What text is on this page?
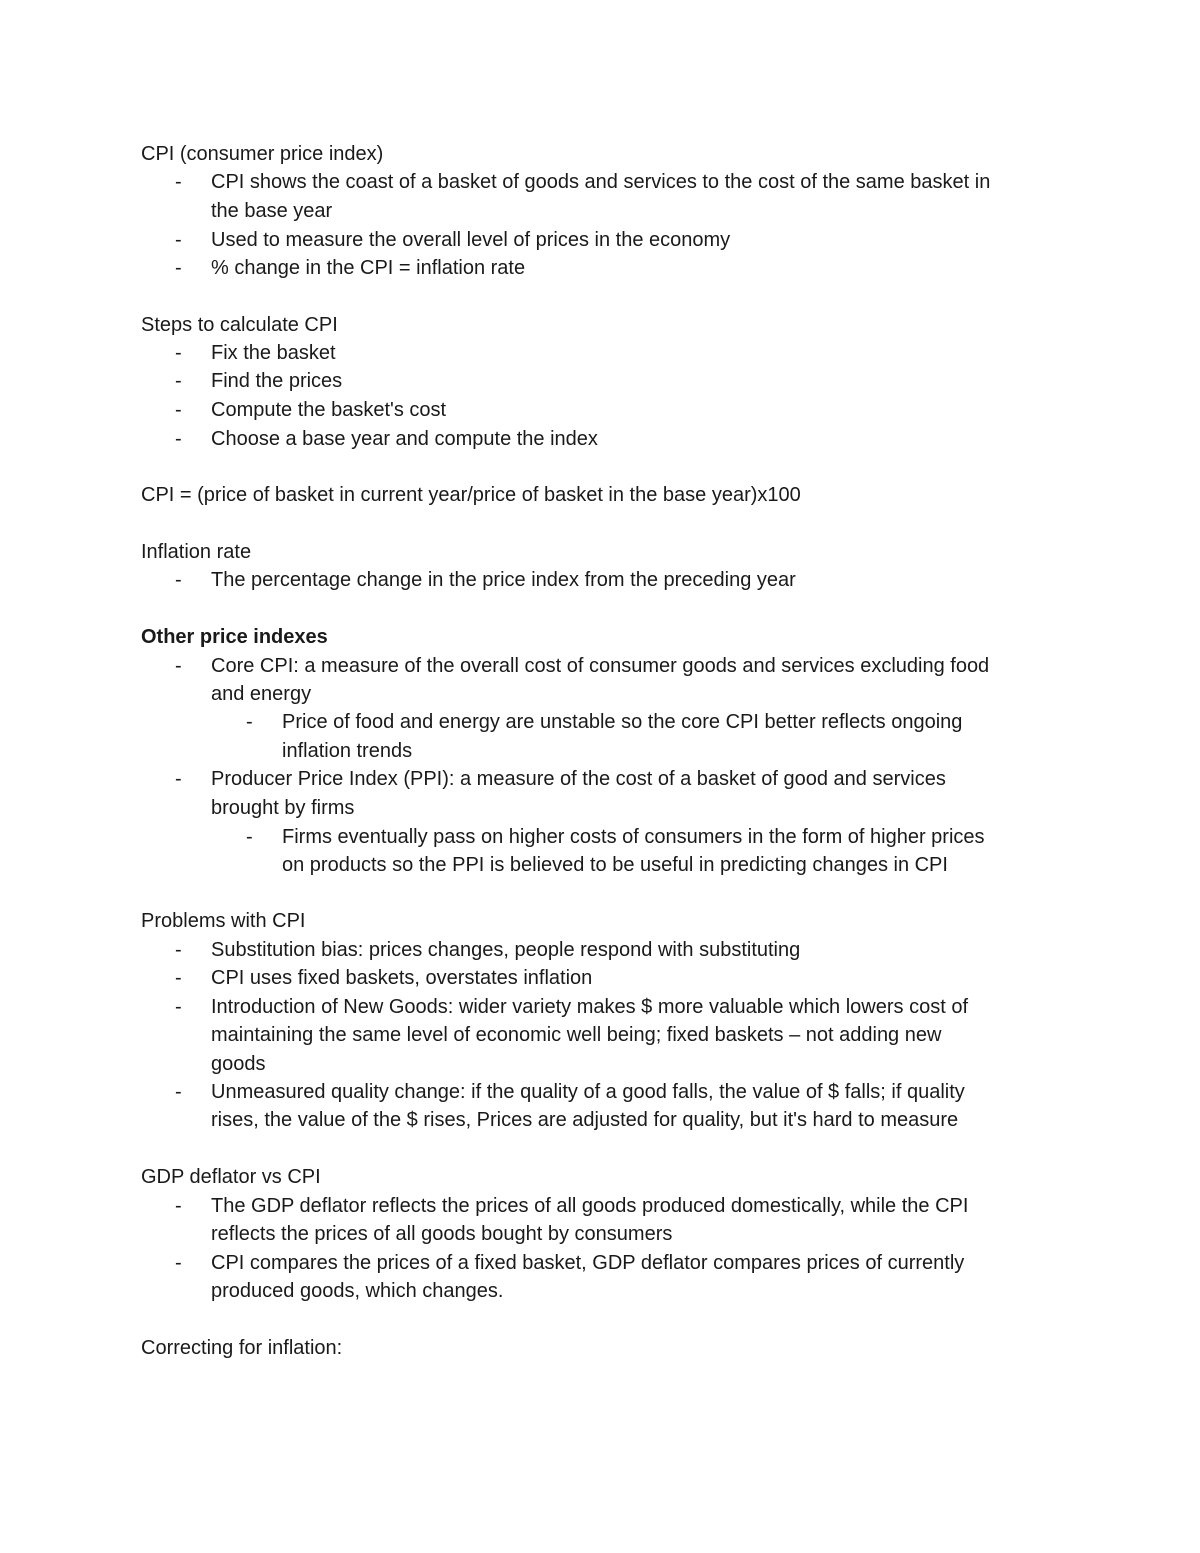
CPI (consumer price index)
- CPI shows the coast of a basket of goods and services to the cost of the same basket in
the base year
- Used to measure the overall level of prices in the economy
- % change in the CPI = inflation rate
Steps to calculate CPI
- Fix the basket
- Find the prices
- Compute the basket's cost
- Choose a base year and compute the index
CPI = (price of basket in current year/price of basket in the base year)x100
Inflation rate
- The percentage change in the price index from the preceding year
Other price indexes
- Core CPI: a measure of the overall cost of consumer goods and services excluding food
and energy
- Price of food and energy are unstable so the core CPI better reflects ongoing
inflation trends
- Producer Price Index (PPI): a measure of the cost of a basket of good and services
brought by firms
- Firms eventually pass on higher costs of consumers in the form of higher prices
on products so the PPI is believed to be useful in predicting changes in CPI
Problems with CPI
- Substitution bias: prices changes, people respond with substituting
- CPI uses fixed baskets, overstates inflation
- Introduction of New Goods: wider variety makes $ more valuable which lowers cost of
maintaining the same level of economic well being; fixed baskets – not adding new
goods
- Unmeasured quality change: if the quality of a good falls, the value of $ falls; if quality
rises, the value of the $ rises, Prices are adjusted for quality, but it's hard to measure
GDP deflator vs CPI
- The GDP deflator reflects the prices of all goods produced domestically, while the CPI
reflects the prices of all goods bought by consumers
- CPI compares the prices of a fixed basket, GDP deflator compares prices of currently
produced goods, which changes.
Correcting for inflation:
